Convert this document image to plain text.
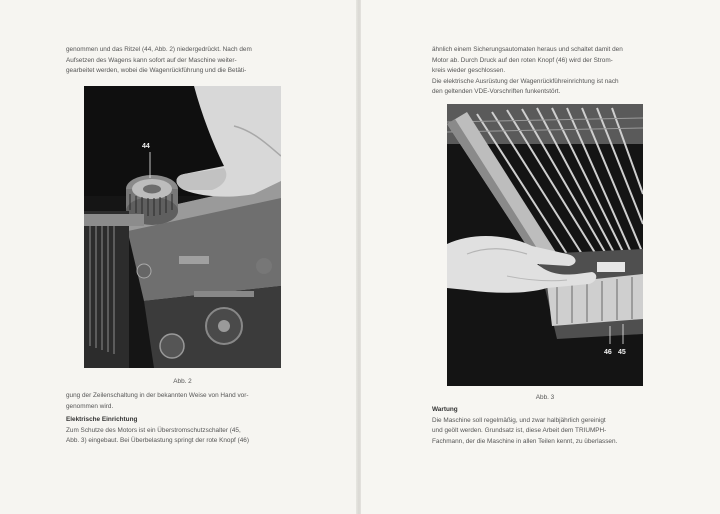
genommen und das Ritzel (44, Abb. 2) niedergedrückt. Nach dem
Aufsetzen des Wagens kann sofort auf der Maschine weiter-
gearbeitet werden, wobei die Wagenrückführung und die Betäti-

44
Abb. 2

gung der Zeilenschaltung in der bekannten Weise von Hand vor-
genommen wird.

Elektrische Einrichtung
Zum Schutze des Motors ist ein Überstromschutzschalter (45,
Abb. 3) eingebaut. Bei Überbelastung springt der rote Knopf (46)

ähnlich einem Sicherungsautomaten heraus und schaltet damit den
Motor ab. Durch Druck auf den roten Knopf (46) wird der Strom-
kreis wieder geschlossen.
Die elektrische Ausrüstung der Wagenrückführeinrichtung ist nach
den geltenden VDE-Vorschriften funkentstört.

46 45
Abb. 3

Wartung
Die Maschine soll regelmäßig, und zwar halbjährlich gereinigt
und geölt werden. Grundsatz ist, diese Arbeit dem TRIUMPH-
Fachmann, der die Maschine in allen Teilen kennt, zu überlassen.
